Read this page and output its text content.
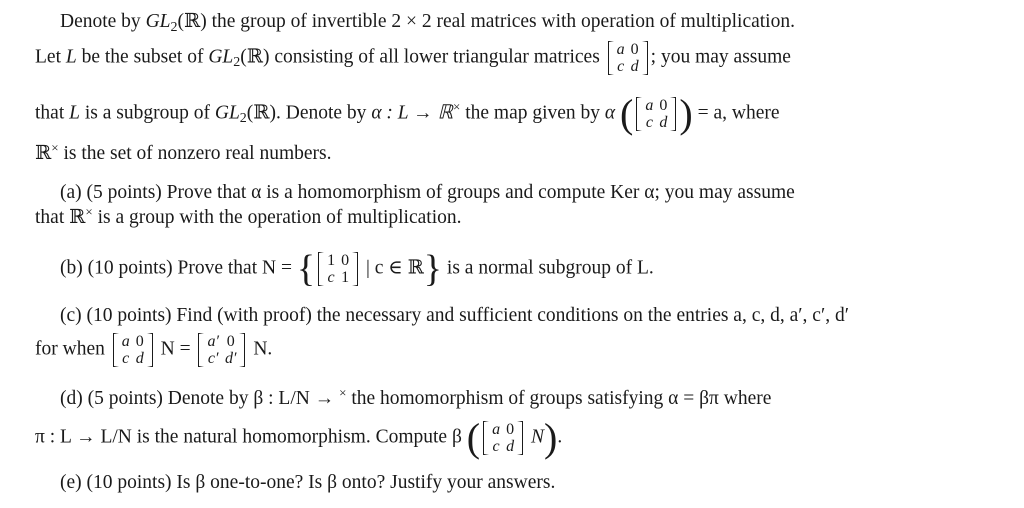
Denote by $GL_2(ℝ)$ the group of invertible 2 × 2 real matrices with operation of multiplication.
Let L be the subset of $GL_2(ℝ)$ consisting of all lower triangular matrices a	0
c	d ; you may assume
that L is a subgroup of $GL_2(ℝ)$. Denote by α : L → ℝ× the map given by α ( a	0
c	d ) = a, where
ℝ× is the set of nonzero real numbers.
(a) (5 points) Prove that α is a homomorphism of groups and compute Ker α; you may assume
that ℝ× is a group with the operation of multiplication.
(b) (10 points) Prove that N = { 1	0
c	1 | c ∈ ℝ} is a normal subgroup of L.
(c) (10 points) Find (with proof) the necessary and sufficient conditions on the entries a, c, d, a′, c′, d′
for when a	0
c	d N = a′	0
c′	d′ N.
(d) (5 points) Denote by β : L/N → × the homomorphism of groups satisfying α = βπ where
π : L → L/N is the natural homomorphism. Compute β ( a	0
c	d N).
(e) (10 points) Is β one-to-one? Is β onto? Justify your answers.
